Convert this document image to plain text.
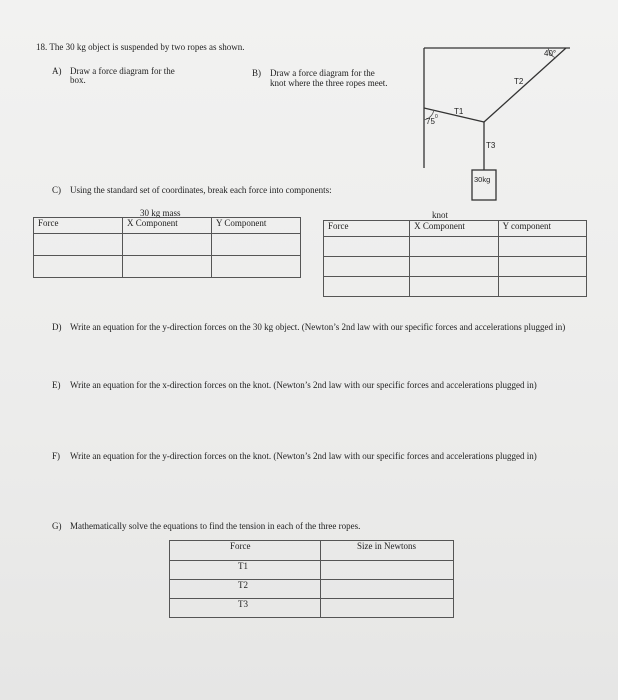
18. The 30 kg object is suspended by two ropes as shown.
A) Draw a force diagram for the
box.
B) Draw a force diagram for the
knot where the three ropes meet.
40°
75 0
T1
T2
T3
30kg
C) Using the standard set of coordinates, break each force into components:
30 kg mass
Force	X Component	Y Component

knot
Force	X Component	Y component

D) Write an equation for the y-direction forces on the 30 kg object. (Newton’s 2nd law with our specific forces and accelerations plugged in)
E) Write an equation for the x-direction forces on the knot. (Newton’s 2nd law with our specific forces and accelerations plugged in)
F) Write an equation for the y-direction forces on the knot. (Newton’s 2nd law with our specific forces and accelerations plugged in)
G) Mathematically solve the equations to find the tension in each of the three ropes.
Force	Size in Newtons
T1	
T2	
T3	
